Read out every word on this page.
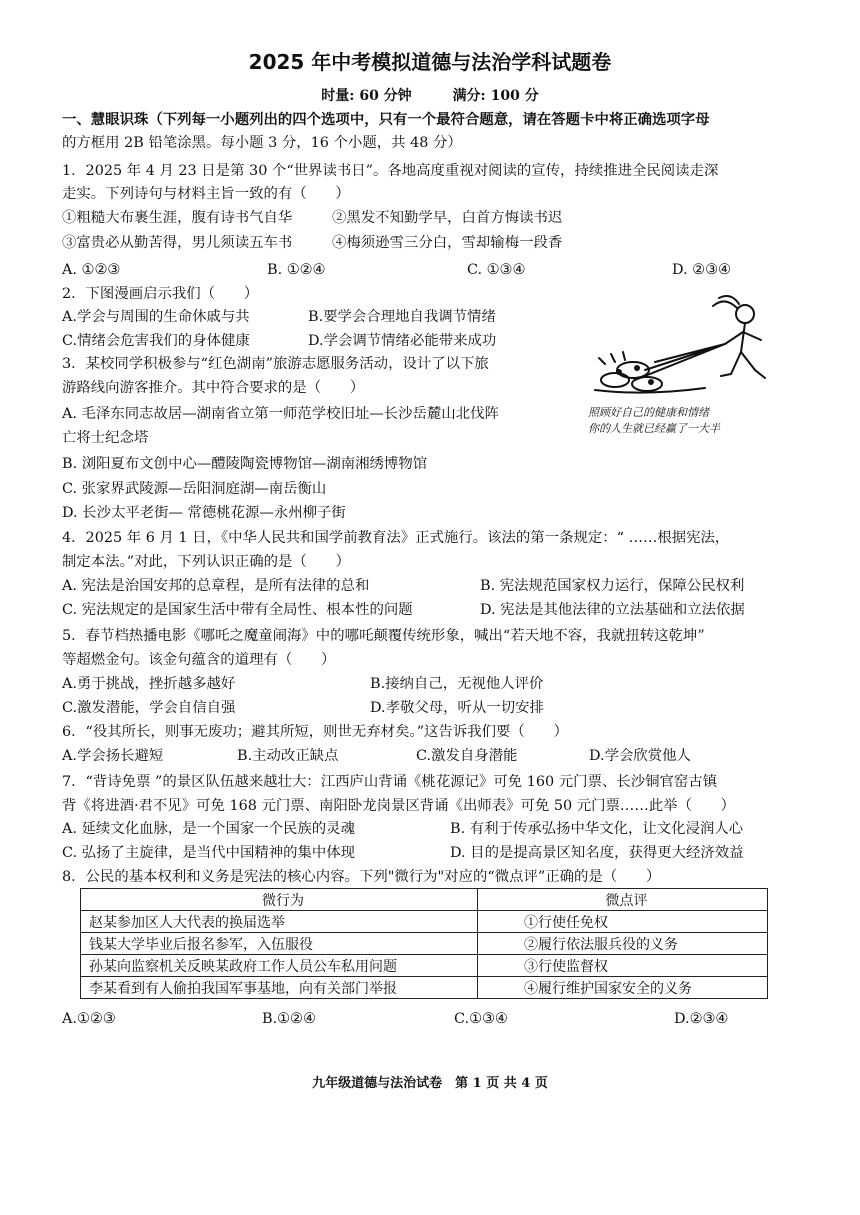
2025 年中考模拟道德与法治学科试题卷
时量: 60 分钟	满分: 100 分
一、慧眼识珠（下列每一小题列出的四个选项中，只有一个最符合题意，请在答题卡中将正确选项字母
的方框用 2B 铅笔涂黑。每小题 3 分，16 个小题，共 48 分）
1．2025 年 4 月 23 日是第 30 个“世界读书日”。各地高度重视对阅读的宣传，持续推进全民阅读走深
走实。下列诗句与材料主旨一致的有（　　）
①粗糙大布裹生涯，腹有诗书气自华	②黑发不知勤学早，白首方悔读书迟
③富贵必从勤苦得，男儿须读五车书	④梅须逊雪三分白，雪却输梅一段香
A. ①②③	B. ①②④	C. ①③④	D. ②③④
2．下图漫画启示我们（　　）
A.学会与周围的生命休戚与共	B.要学会合理地自我调节情绪
C.情绪会危害我们的身体健康	D.学会调节情绪必能带来成功
照顾好自己的健康和情绪
你的人生就已经赢了一大半
3．某校同学积极参与“红色湖南”旅游志愿服务活动，设计了以下旅
游路线向游客推介。其中符合要求的是（　　）
A. 毛泽东同志故居—湖南省立第一师范学校旧址—长沙岳麓山北伐阵
亡将士纪念塔
B. 浏阳夏布文创中心—醴陵陶瓷博物馆—湖南湘绣博物馆
C. 张家界武陵源—岳阳洞庭湖—南岳衡山
D. 长沙太平老街— 常德桃花源—永州柳子街
4．2025 年 6 月 1 日，《中华人民共和国学前教育法》正式施行。该法的第一条规定：“ ……根据宪法，
制定本法。”对此，下列认识正确的是（　　）
A. 宪法是治国安邦的总章程，是所有法律的总和	B. 宪法规范国家权力运行，保障公民权利
C. 宪法规定的是国家生活中带有全局性、根本性的问题	D. 宪法是其他法律的立法基础和立法依据
5．春节档热播电影《哪吒之魔童闹海》中的哪吒颠覆传统形象，喊出“若天地不容，我就扭转这乾坤”
等超燃金句。该金句蕴含的道理有（　　）
A.勇于挑战，挫折越多越好	B.接纳自己，无视他人评价
C.激发潜能，学会自信自强	D.孝敬父母，听从一切安排
6．“役其所长，则事无废功；避其所短，则世无弃材矣。”这告诉我们要（　　）
A.学会扬长避短	B.主动改正缺点	C.激发自身潜能	D.学会欣赏他人
7．“背诗免票 ”的景区队伍越来越壮大：江西庐山背诵《桃花源记》可免 160 元门票、长沙铜官窑古镇
背《将进酒·君不见》可免 168 元门票、南阳卧龙岗景区背诵《出师表》可免 50 元门票……此举（　　）
A. 延续文化血脉，是一个国家一个民族的灵魂	B. 有利于传承弘扬中华文化，让文化浸润人心
C. 弘扬了主旋律，是当代中国精神的集中体现	D. 目的是提高景区知名度，获得更大经济效益
8．公民的基本权利和义务是宪法的核心内容。下列"微行为"对应的“微点评”正确的是（　　）
微行为	微点评
赵某参加区人大代表的换届选举	①行使任免权
钱某大学毕业后报名参军，入伍服役	②履行依法服兵役的义务
孙某向监察机关反映某政府工作人员公车私用问题	③行使监督权
李某看到有人偷拍我国军事基地，向有关部门举报	④履行维护国家安全的义务
A.①②③	B.①②④	C.①③④	D.②③④
九年级道德与法治试卷　第 1 页 共 4 页
